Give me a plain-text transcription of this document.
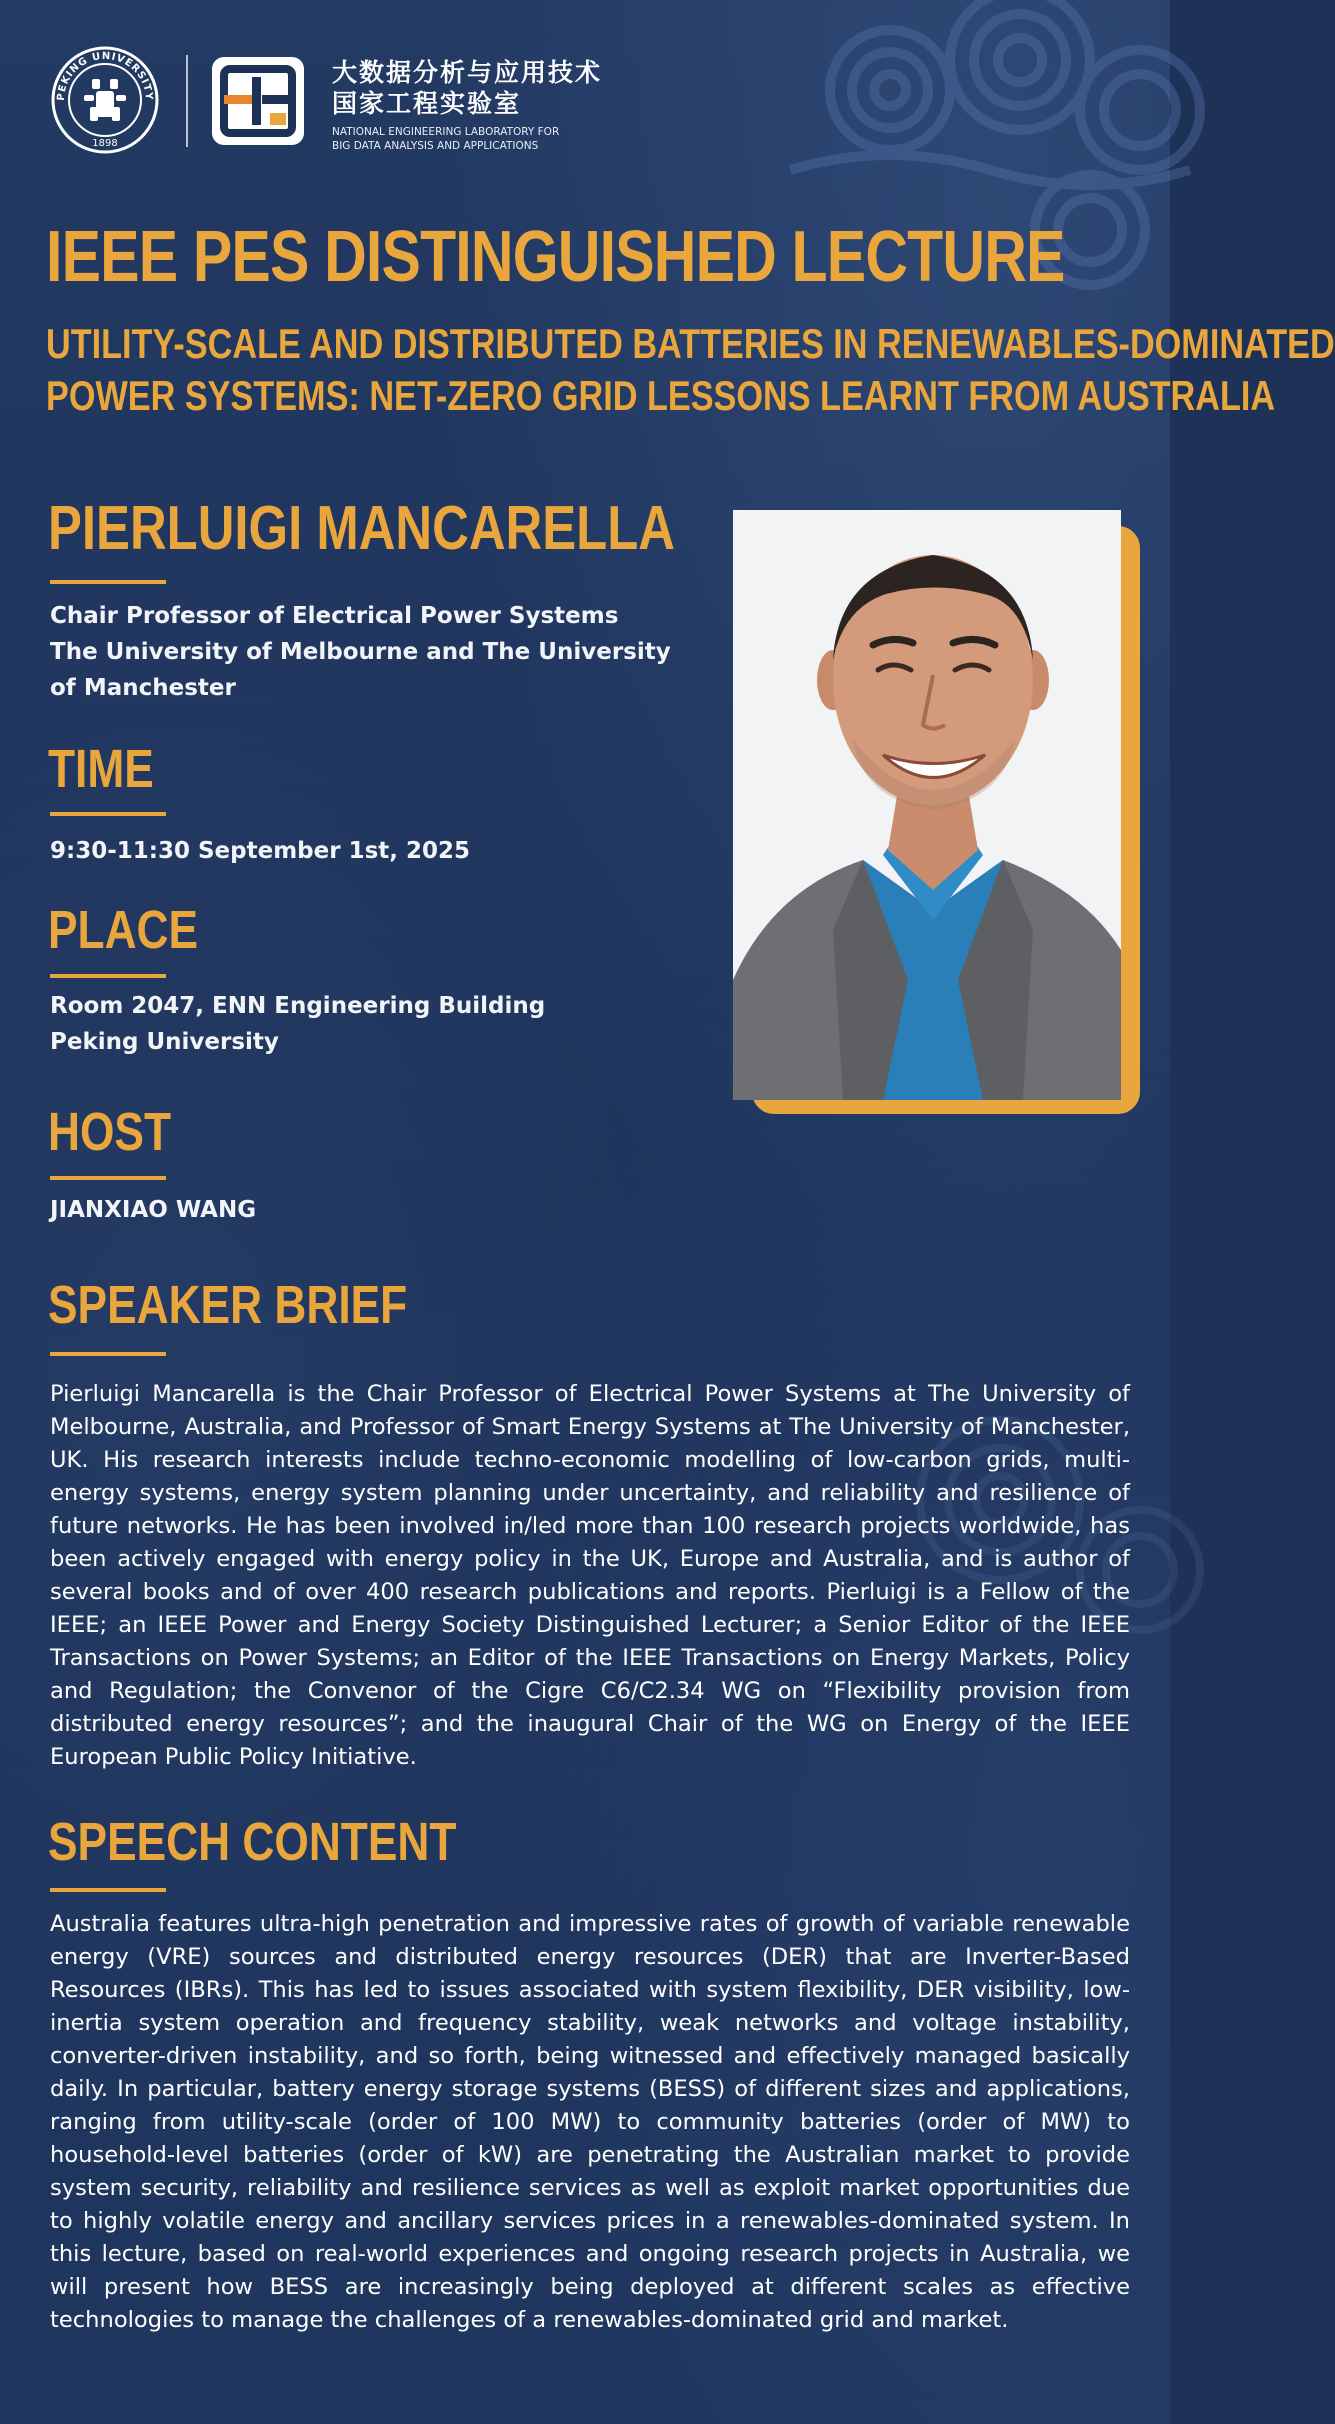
PEKING UNIVERSITY
1898
大数据分析与应用技术
国家工程实验室
NATIONAL ENGINEERING LABORATORY FOR
BIG DATA ANALYSIS AND APPLICATIONS
IEEE PES DISTINGUISHED LECTURE
UTILITY-SCALE AND DISTRIBUTED BATTERIES IN RENEWABLES-DOMINATED
POWER SYSTEMS: NET-ZERO GRID LESSONS LEARNT FROM AUSTRALIA
PIERLUIGI MANCARELLA
Chair Professor of Electrical Power Systems
The University of Melbourne and The University
of Manchester
TIME
9:30-11:30 September 1st, 2025
PLACE
Room 2047, ENN Engineering Building
Peking University
HOST
JIANXIAO WANG
SPEAKER BRIEF
Pierluigi Mancarella is the Chair Professor of Electrical Power Systems at The University of Melbourne, Australia, and Professor of Smart Energy Systems at The University of Manchester, UK. His research interests include techno-economic modelling of low-carbon grids, multi-energy systems, energy system planning under uncertainty, and reliability and resilience of future networks. He has been involved in/led more than 100 research projects worldwide, has been actively engaged with energy policy in the UK, Europe and Australia, and is author of several books and of over 400 research publications and reports. Pierluigi is a Fellow of the IEEE; an IEEE Power and Energy Society Distinguished Lecturer; a Senior Editor of the IEEE Transactions on Power Systems; an Editor of the IEEE Transactions on Energy Markets, Policy and Regulation; the Convenor of the Cigre C6/C2.34 WG on “Flexibility provision from distributed energy resources”; and the inaugural Chair of the WG on Energy of the IEEE European Public Policy Initiative.
SPEECH CONTENT
Australia features ultra-high penetration and impressive rates of growth of variable renewable energy (VRE) sources and distributed energy resources (DER) that are Inverter-Based Resources (IBRs). This has led to issues associated with system flexibility, DER visibility, low-inertia system operation and frequency stability, weak networks and voltage instability, converter-driven instability, and so forth, being witnessed and effectively managed basically daily. In particular, battery energy storage systems (BESS) of different sizes and applications, ranging from utility-scale (order of 100 MW) to community batteries (order of MW) to household-level batteries (order of kW) are penetrating the Australian market to provide system security, reliability and resilience services as well as exploit market opportunities due to highly volatile energy and ancillary services prices in a renewables-dominated system. In this lecture, based on real-world experiences and ongoing research projects in Australia, we will present how BESS are increasingly being deployed at different scales as effective technologies to manage the challenges of a renewables-dominated grid and market.
